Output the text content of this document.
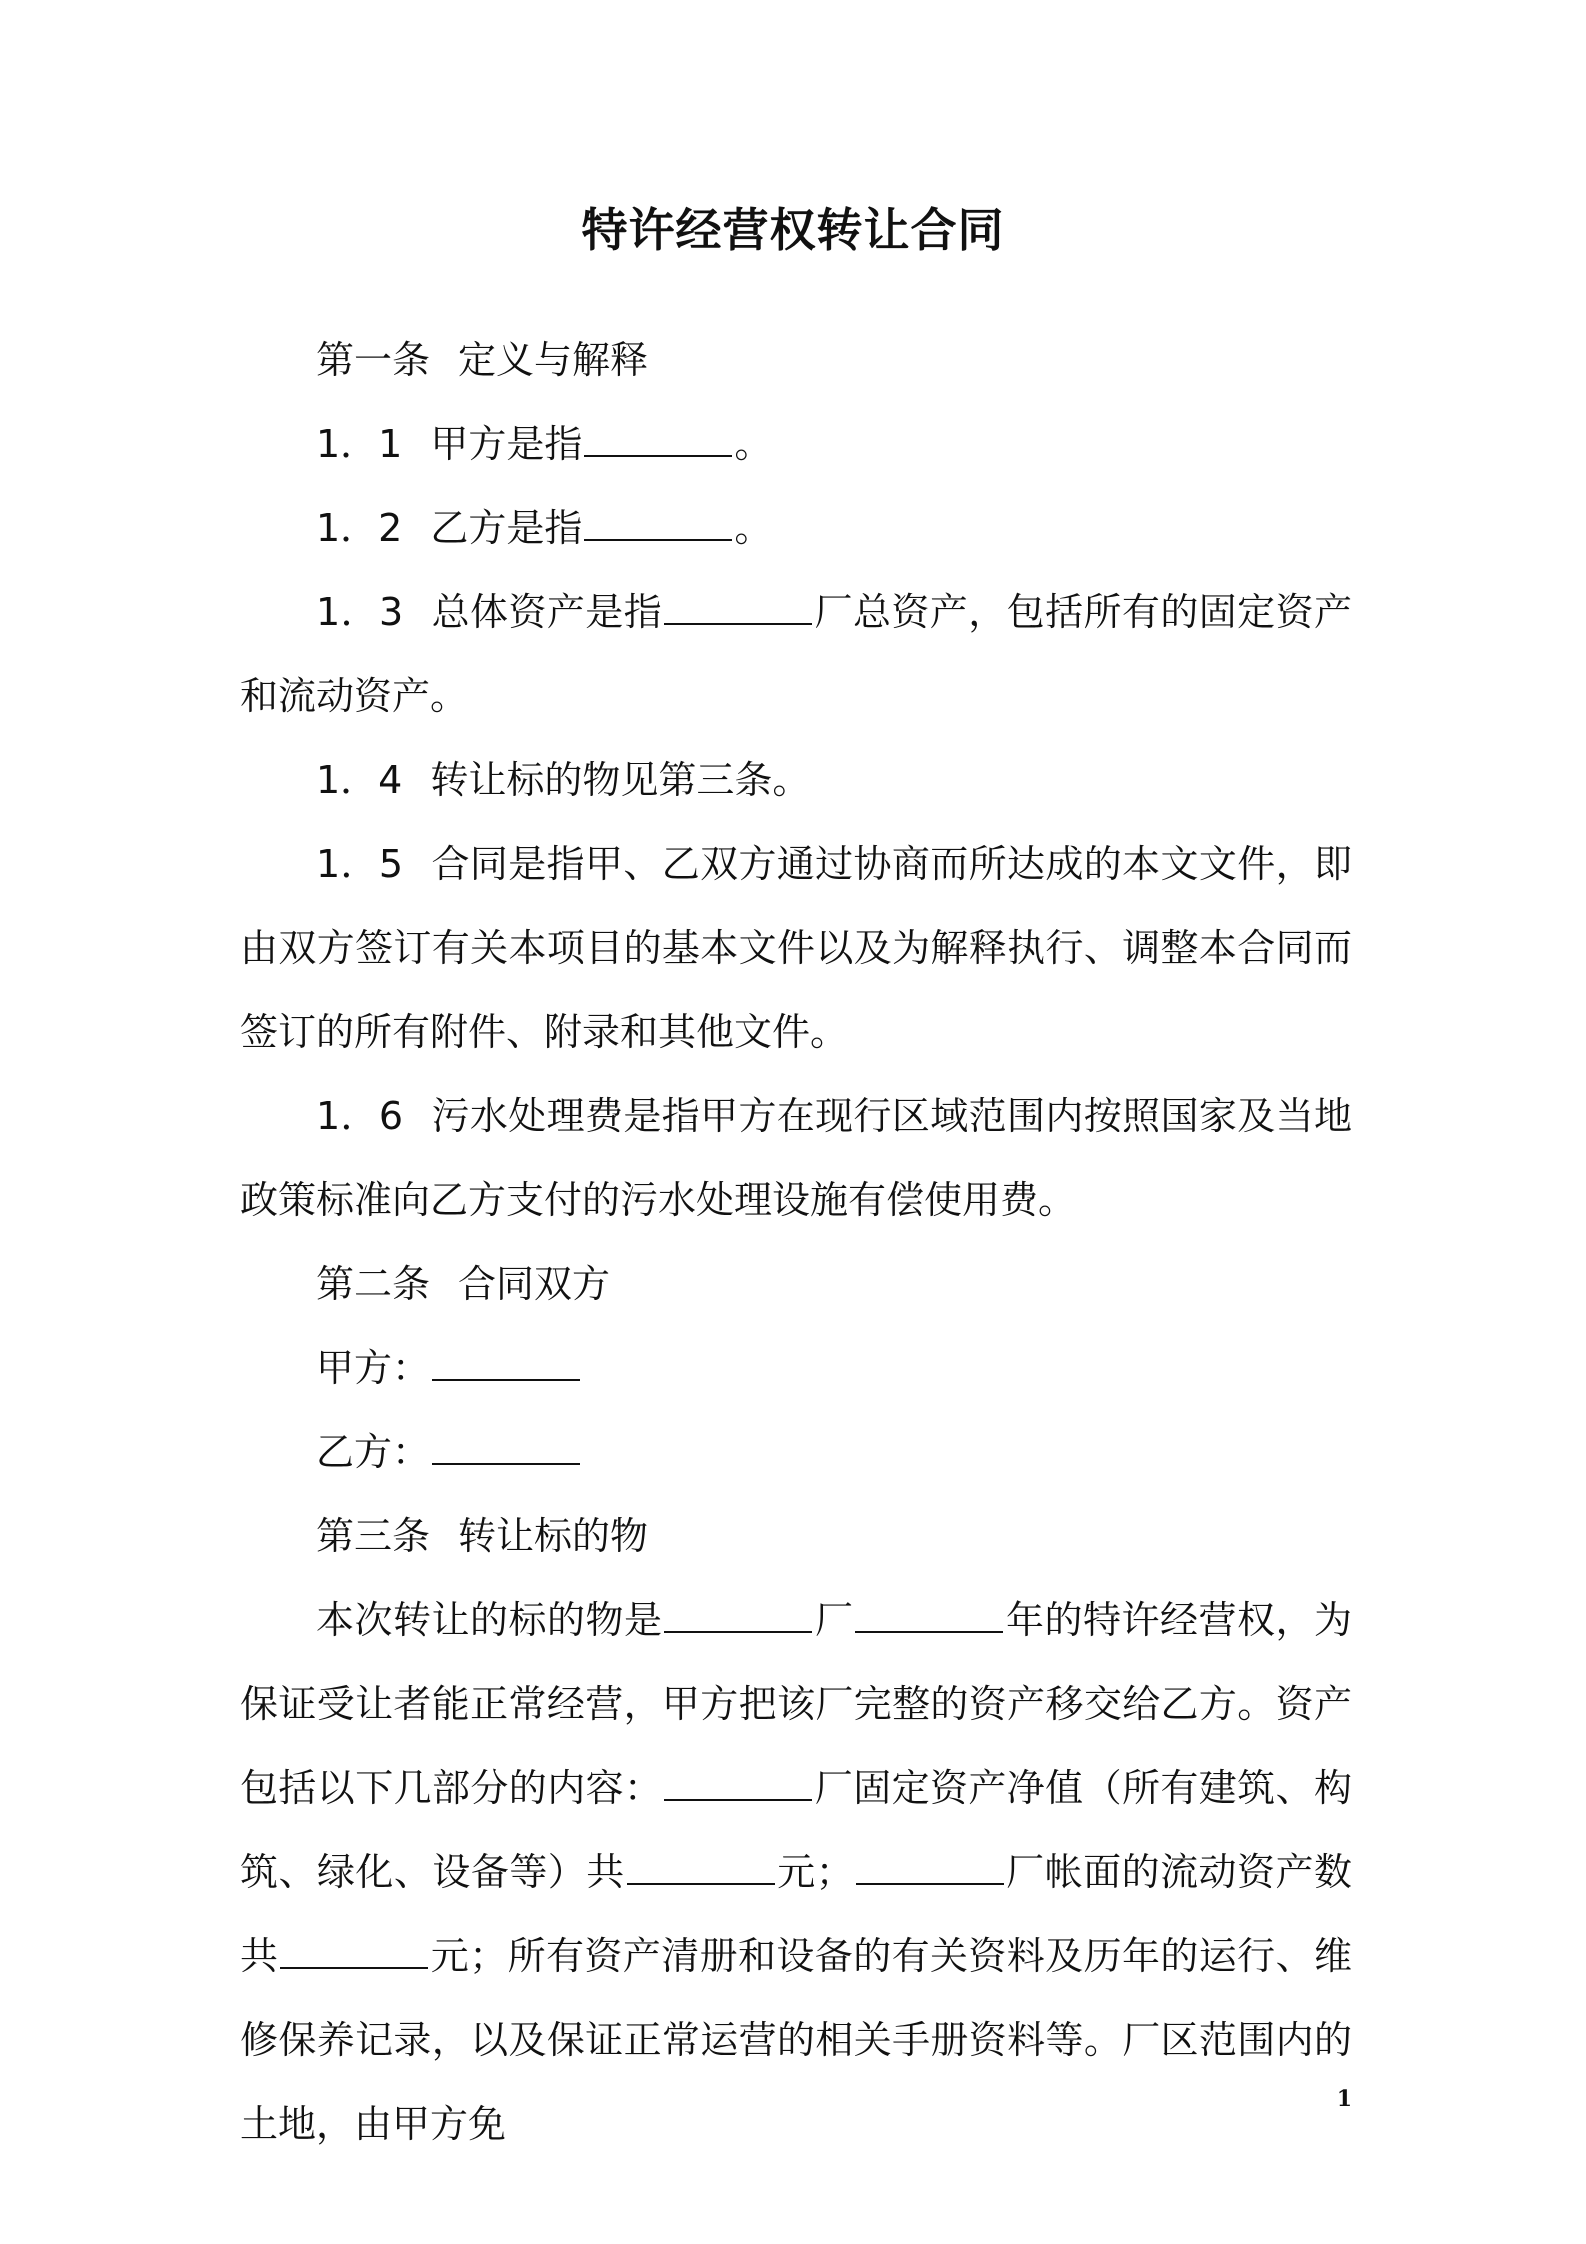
特许经营权转让合同

第一条 定义与解释

1．1 甲方是指	。

1．2 乙方是指	。

1．3 总体资产是指	厂总资产，包括所有的固定资产和流动资产。

1．4 转让标的物见第三条。

1．5 合同是指甲、乙双方通过协商而所达成的本文文件，即由双方签订有关本项目的基本文件以及为解释执行、调整本合同而签订的所有附件、附录和其他文件。

1．6 污水处理费是指甲方在现行区域范围内按照国家及当地政策标准向乙方支付的污水处理设施有偿使用费。

第二条 合同双方

甲方：

乙方：

第三条 转让标的物

本次转让的标的物是	厂	年的特许经营权，为保证受让者能正常经营，甲方把该厂完整的资产移交给乙方。资产包括以下几部分的内容：	厂固定资产净值（所有建筑、构筑、绿化、设备等）共	元；	厂帐面的流动资产数共	元；所有资产清册和设备的有关资料及历年的运行、维修保养记录，以及保证正常运营的相关手册资料等。厂区范围内的土地，由甲方免

1
